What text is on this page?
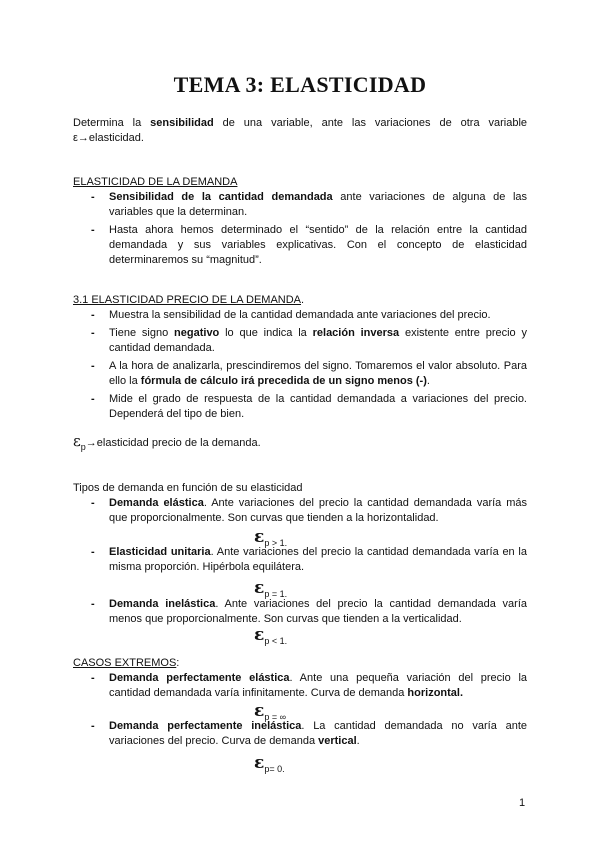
TEMA 3: ELASTICIDAD

Determina la sensibilidad de una variable, ante las variaciones de otra variable ε→elasticidad.

ELASTICIDAD DE LA DEMANDA

- Sensibilidad de la cantidad demandada ante variaciones de alguna de las variables que la determinan.
- Hasta ahora hemos determinado el “sentido” de la relación entre la cantidad demandada y sus variables explicativas. Con el concepto de elasticidad determinaremos su “magnitud”.

3.1 ELASTICIDAD PRECIO DE LA DEMANDA.

- Muestra la sensibilidad de la cantidad demandada ante variaciones del precio.
- Tiene signo negativo lo que indica la relación inversa existente entre precio y cantidad demandada.
- A la hora de analizarla, prescindiremos del signo. Tomaremos el valor absoluto. Para ello la fórmula de cálculo irá precedida de un signo menos (-).
- Mide el grado de respuesta de la cantidad demandada a variaciones del precio. Dependerá del tipo de bien.
$\varepsilon_p\to elasticidad$ precio de la demanda.

Tipos de demanda en función de su elasticidad

- Demanda elástica. Ante variaciones del precio la cantidad demandada varía más que proporcionalmente. Son curvas que tienden a la horizontalidad.
εp > 1.
- Elasticidad unitaria. Ante variaciones del precio la cantidad demandada varía en la misma proporción. Hipérbola equilátera.
εp = 1.
- Demanda inelástica. Ante variaciones del precio la cantidad demandada varía menos que proporcionalmente. Son curvas que tienden a la verticalidad.
εp < 1.

CASOS EXTREMOS:

- Demanda perfectamente elástica. Ante una pequeña variación del precio la cantidad demandada varía infinitamente. Curva de demanda horizontal.
εp = ∞
- Demanda perfectamente inelástica. La cantidad demandada no varía ante variaciones del precio. Curva de demanda vertical.
εp= 0.
1
